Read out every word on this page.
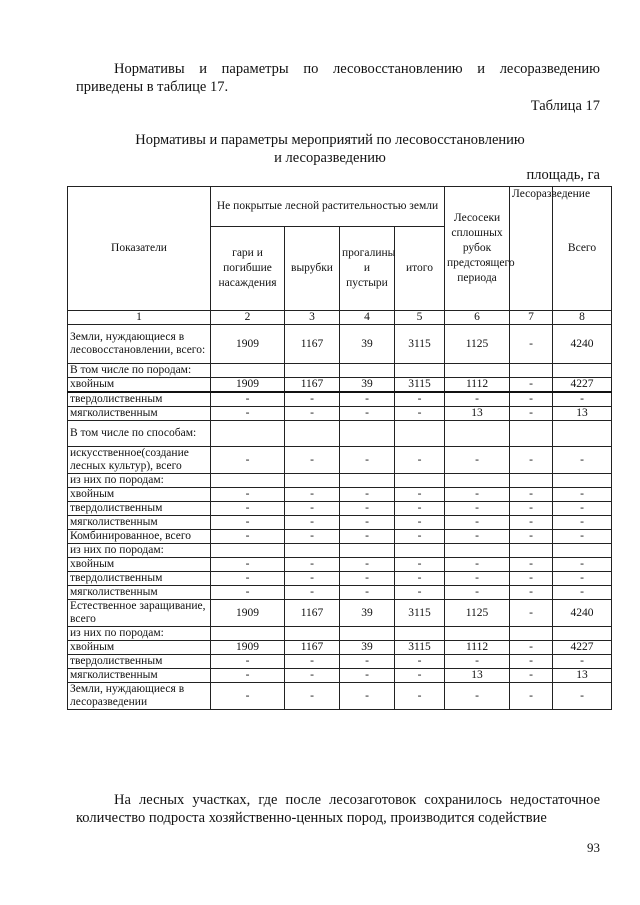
Нормативы и параметры по лесовосстановлению и лесоразведению приведены в таблице 17.
Таблица 17
Нормативы и параметры мероприятий по лесовосстановлению
и лесоразведению
площадь, га
Показатели	Не покрытые лесной растительностью земли				Лесосеки сплошных рубок предстоящего периода	Лесоразведение	Всего
	гари и погибшие насаждения	вырубки	прогалины и пустыри	итого			
1	2	3	4	5	6	7	8
Земли, нуждающиеся в лесовосстановлении, всего:	1909	1167	39	3115	1125	-	4240
В том числе по породам:							
хвойным	1909	1167	39	3115	1112	-	4227
твердолиственным	-	-	-	-	-	-	-
мягколиственным	-	-	-	-	13	-	13
В том числе по способам:							
искусственное(создание лесных культур), всего	-	-	-	-	-	-	-
из них по породам:							
хвойным	-	-	-	-	-	-	-
твердолиственным	-	-	-	-	-	-	-
мягколиственным	-	-	-	-	-	-	-
Комбинированное, всего	-	-	-	-	-	-	-
из них по породам:							
хвойным	-	-	-	-	-	-	-
твердолиственным	-	-	-	-	-	-	-
мягколиственным	-	-	-	-	-	-	-
Естественное заращивание, всего	1909	1167	39	3115	1125	-	4240
из них по породам:							
хвойным	1909	1167	39	3115	1112	-	4227
твердолиственным	-	-	-	-	-	-	-
мягколиственным	-	-	-	-	13	-	13
Земли, нуждающиеся в лесоразведении	-	-	-	-	-	-	-
На лесных участках, где после лесозаготовок сохранилось недостаточное количество подроста хозяйственно-ценных пород, производится содействие
93
